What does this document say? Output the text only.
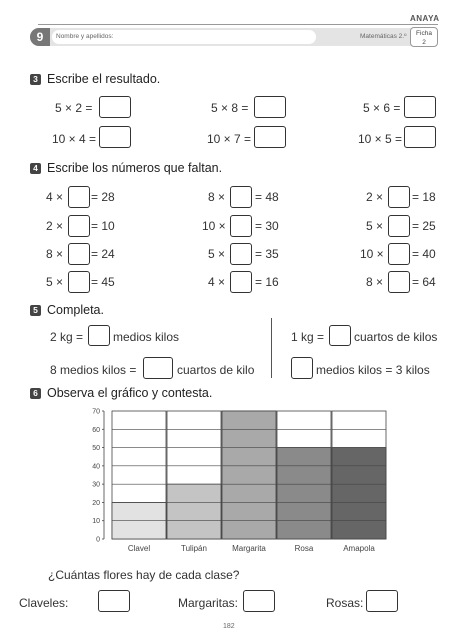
ANAYA
9	Nombre y apellidos:	Matemáticas 2.º	Ficha
2
3 Escribe el resultado.
5 × 2 =	5 × 8 =	5 × 6 =
10 × 4 =	10 × 7 =	10 × 5 =
4 Escribe los números que faltan.
4 × = 28	8 × = 48	2 × = 18
2 × = 10	10 × = 30	5 × = 25
8 × = 24	5 × = 35	10 × = 40
5 × = 45	4 × = 16	8 × = 64
5 Completa.
2 kg = medios kilos	1 kg = cuartos de kilos
8 medios kilos =	cuartos de kilo	medios kilos = 3 kilos
6 Observa el gráfico y contesta.
0
10
20
30
40
50
60
70
Clavel	Tulipán	Margarita	Rosa	Amapola
¿Cuántas flores hay de cada clase?
Claveles:	Margaritas:	Rosas:
182
